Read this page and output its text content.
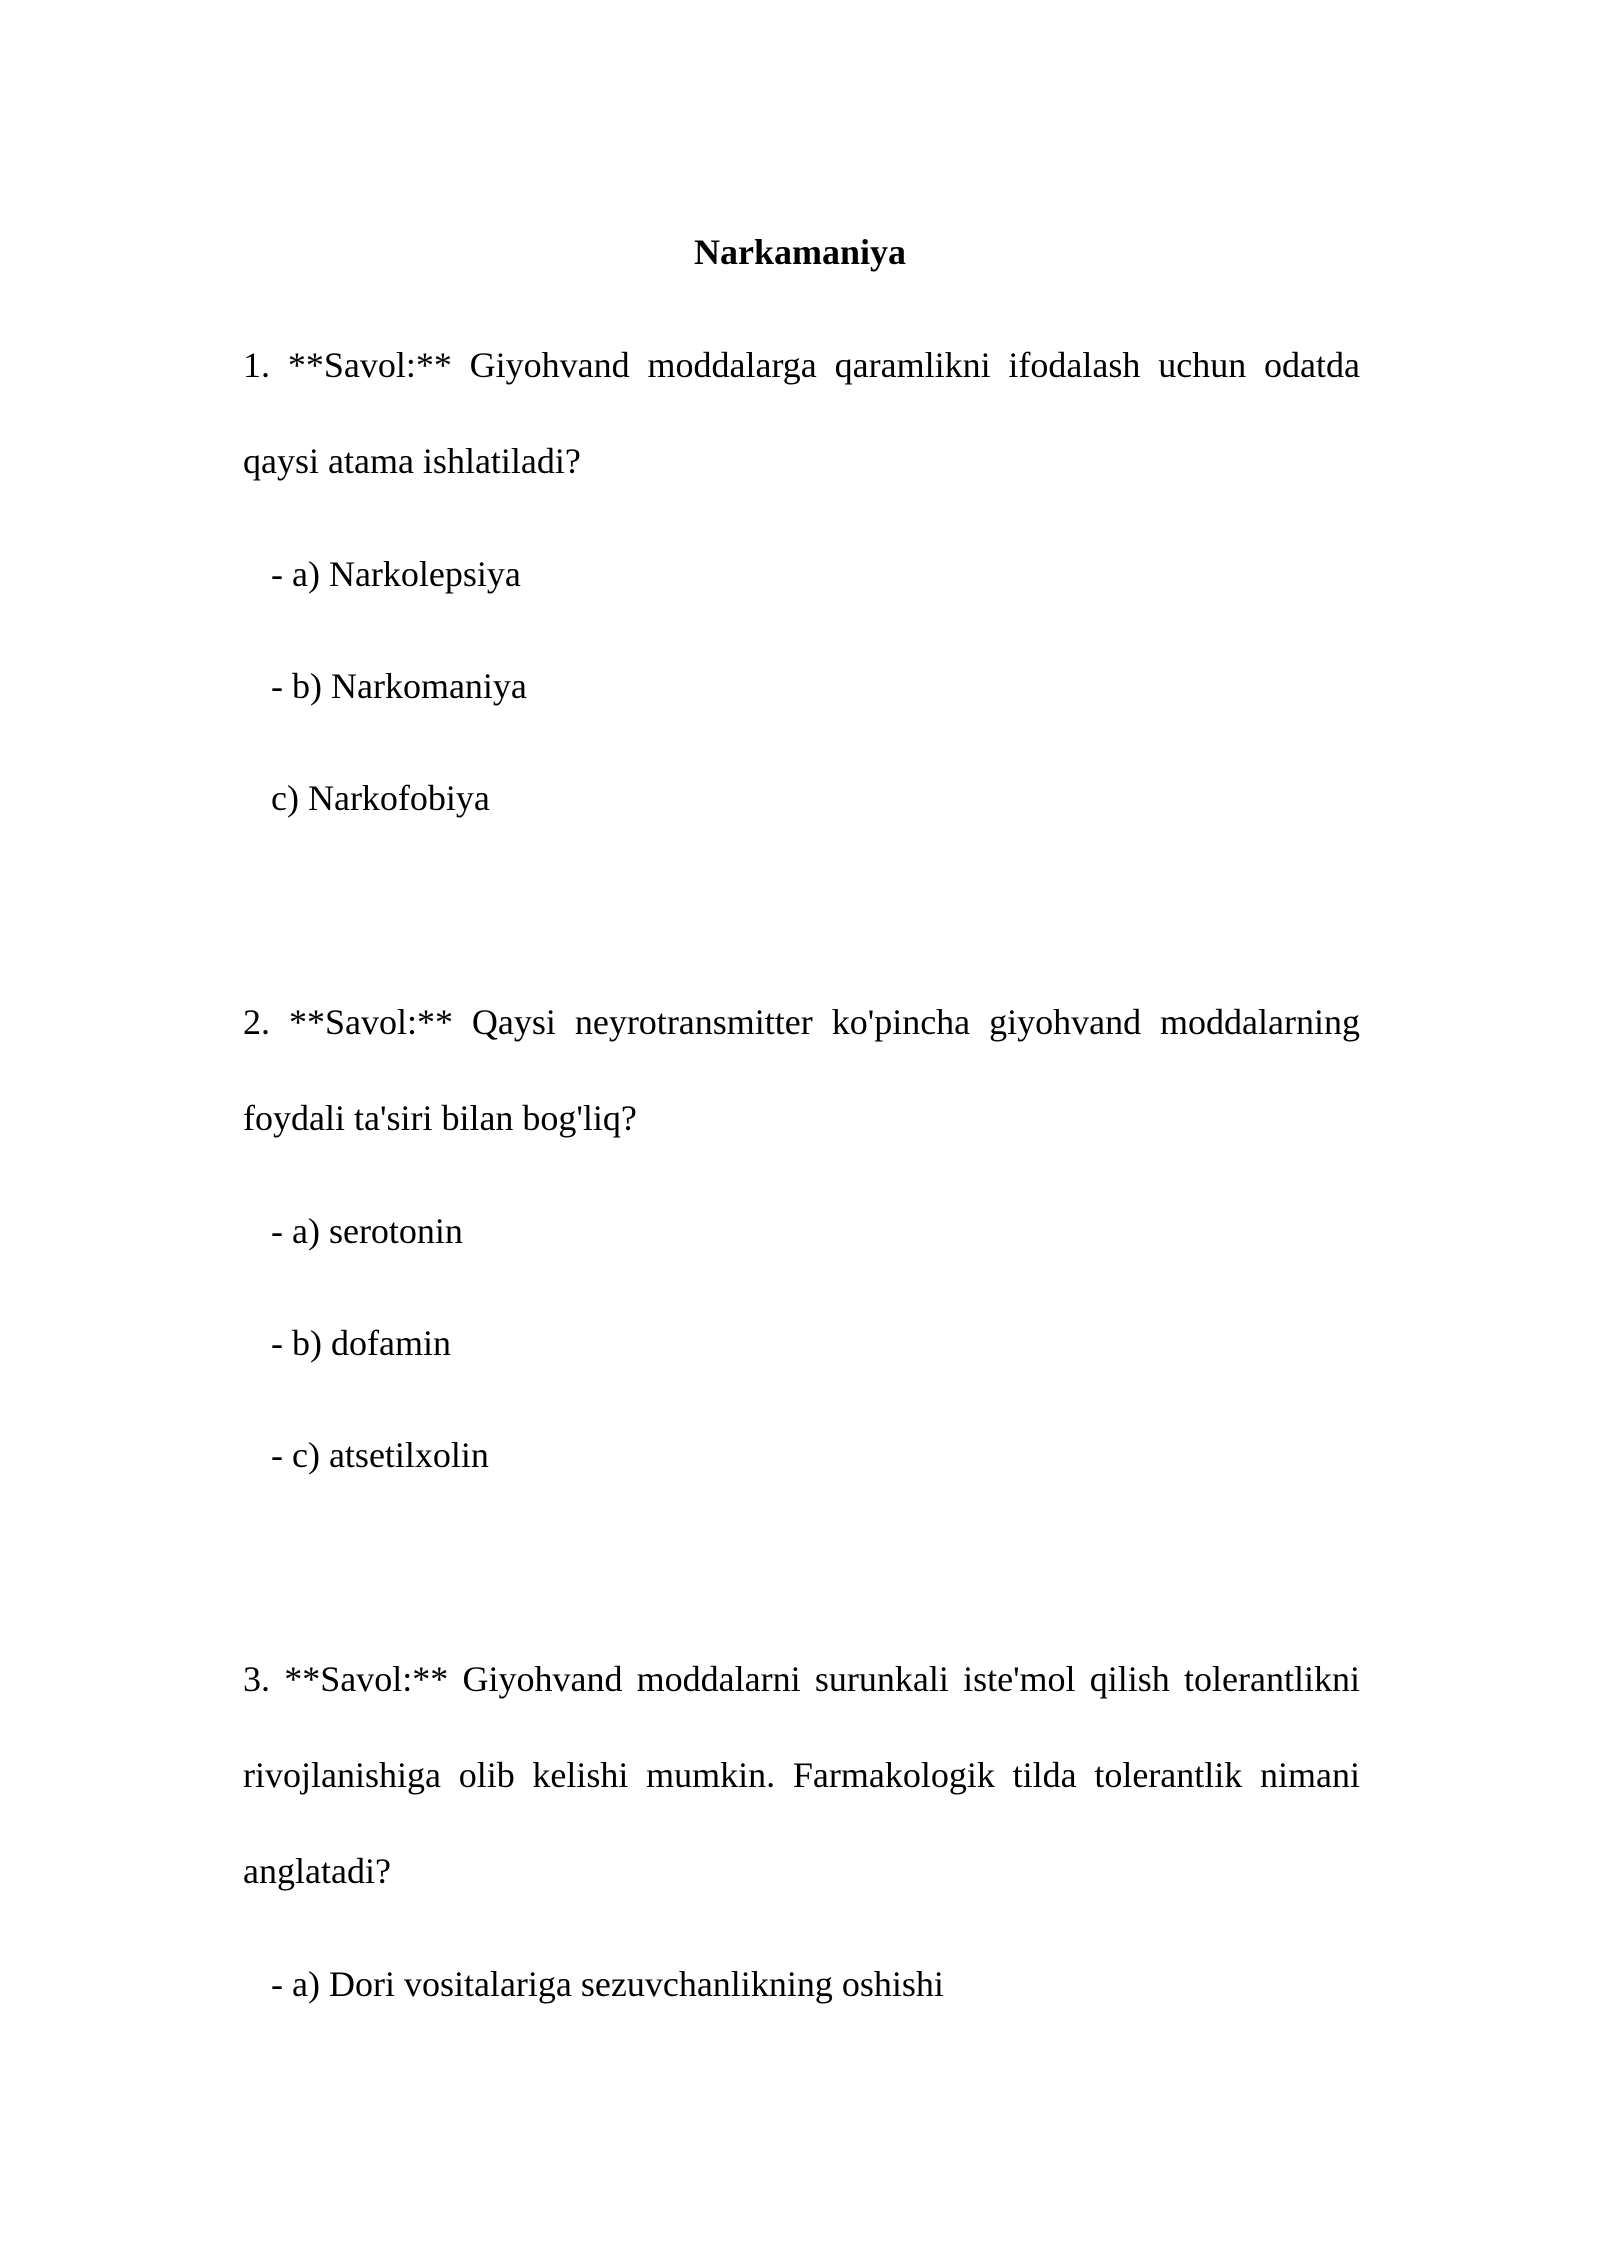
Narkamaniya

1. **Savol:** Giyohvand moddalarga qaramlikni ifodalash uchun odatda qaysi atama ishlatiladi?

- a) Narkolepsiya

- b) Narkomaniya

c) Narkofobiya

2. **Savol:** Qaysi neyrotransmitter ko'pincha giyohvand moddalarning foydali ta'siri bilan bog'liq?

- a) serotonin

- b) dofamin

- c) atsetilxolin

3. **Savol:** Giyohvand moddalarni surunkali iste'mol qilish tolerantlikni rivojlanishiga olib kelishi mumkin. Farmakologik tilda tolerantlik nimani anglatadi?

- a) Dori vositalariga sezuvchanlikning oshishi
